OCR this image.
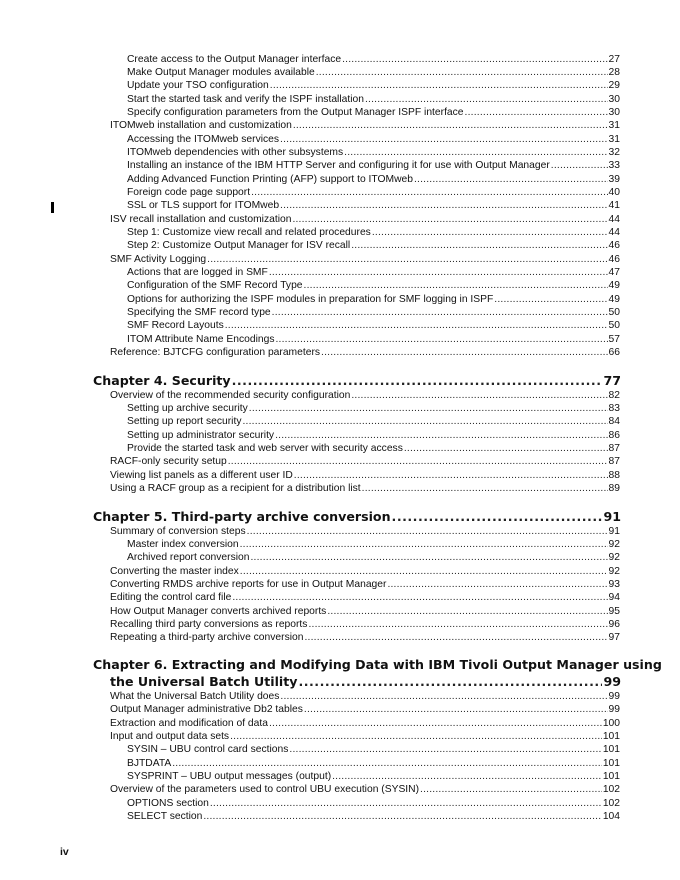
Create access to the Output Manager interface .....	27
Make Output Manager modules available .....	28
Update your TSO configuration .....	29
Start the started task and verify the ISPF installation .....	30
Specify configuration parameters from the Output Manager ISPF interface .....	30
ITOMweb installation and customization .....	31
Accessing the ITOMweb services .....	31
ITOMweb dependencies with other subsystems .....	32
Installing an instance of the IBM HTTP Server and configuring it for use with Output Manager .....	33
Adding Advanced Function Printing (AFP) support to ITOMweb .....	39
Foreign code page support .....	40
SSL or TLS support for ITOMweb .....	41
ISV recall installation and customization .....	44
Step 1: Customize view recall and related procedures .....	44
Step 2: Customize Output Manager for ISV recall .....	46
SMF Activity Logging .....	46
Actions that are logged in SMF .....	47
Configuration of the SMF Record Type .....	49
Options for authorizing the ISPF modules in preparation for SMF logging in ISPF .....	49
Specifying the SMF record type .....	50
SMF Record Layouts .....	50
ITOM Attribute Name Encodings .....	57
Reference: BJTCFG configuration parameters .....	66
Chapter 4. Security .....	77
Overview of the recommended security configuration .....	82
Setting up archive security .....	83
Setting up report security .....	84
Setting up administrator security .....	86
Provide the started task and web server with security access .....	87
RACF-only security setup .....	87
Viewing list panels as a different user ID .....	88
Using a RACF group as a recipient for a distribution list .....	89
Chapter 5. Third-party archive conversion .....	91
Summary of conversion steps .....	91
Master index conversion .....	92
Archived report conversion .....	92
Converting the master index .....	92
Converting RMDS archive reports for use in Output Manager .....	93
Editing the control card file .....	94
How Output Manager converts archived reports .....	95
Recalling third party conversions as reports .....	96
Repeating a third-party archive conversion .....	97
Chapter 6. Extracting and Modifying Data with IBM Tivoli Output Manager using
the Universal Batch Utility .....	99
What the Universal Batch Utility does .....	99
Output Manager administrative Db2 tables .....	99
Extraction and modification of data .....	100
Input and output data sets .....	101
SYSIN – UBU control card sections .....	101
BJTDATA .....	101
SYSPRINT – UBU output messages (output) .....	101
Overview of the parameters used to control UBU execution (SYSIN) .....	102
OPTIONS section .....	102
SELECT section .....	104
iv
